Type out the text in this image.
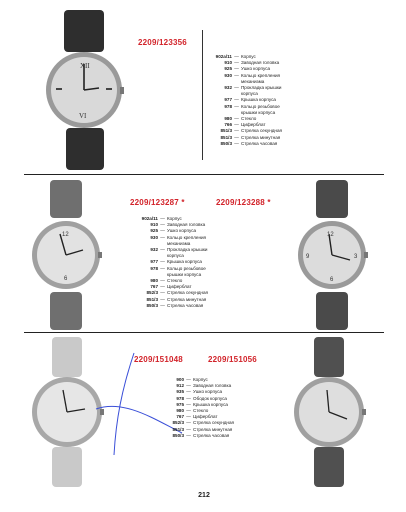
XII
VI
2209/123356
902a/11 — Корпус
910 — Заводная головка
925 — Ушко корпуса
930 — Кольцо крепления механизма
932 — Прокладка крышки корпуса
977 — Крышка корпуса
978 — Кольцо резьбовое крышки корпуса
980 — Стекло
766 — Циферблат
851/3 — Стрелка секундная
851/3 — Стрелка минутная
850/3 — Стрелка часовая
12
6
2209/123287 *	2209/123288 *
902a/11 — Корпус
910 — Заводная головка
925 — Ушко корпуса
930 — Кольцо крепления механизма
932 — Прокладка крышки корпуса
977 — Крышка корпуса
978 — Кольцо резьбовое крышки корпуса
980 — Стекло
767 — Циферблат
852/3 — Стрелка секундная
851/3 — Стрелка минутная
850/3 — Стрелка часовая
12
6
9	3
2209/151048	2209/151056
900 — Корпус
912 — Заводная головка
935 — Ушко корпуса
978 — Ободок корпуса
975 — Крышка корпуса
980 — Стекло
767 — Циферблат
852/3 — Стрелка секундная
851/3 — Стрелка минутная
850/3 — Стрелка часовая
212
